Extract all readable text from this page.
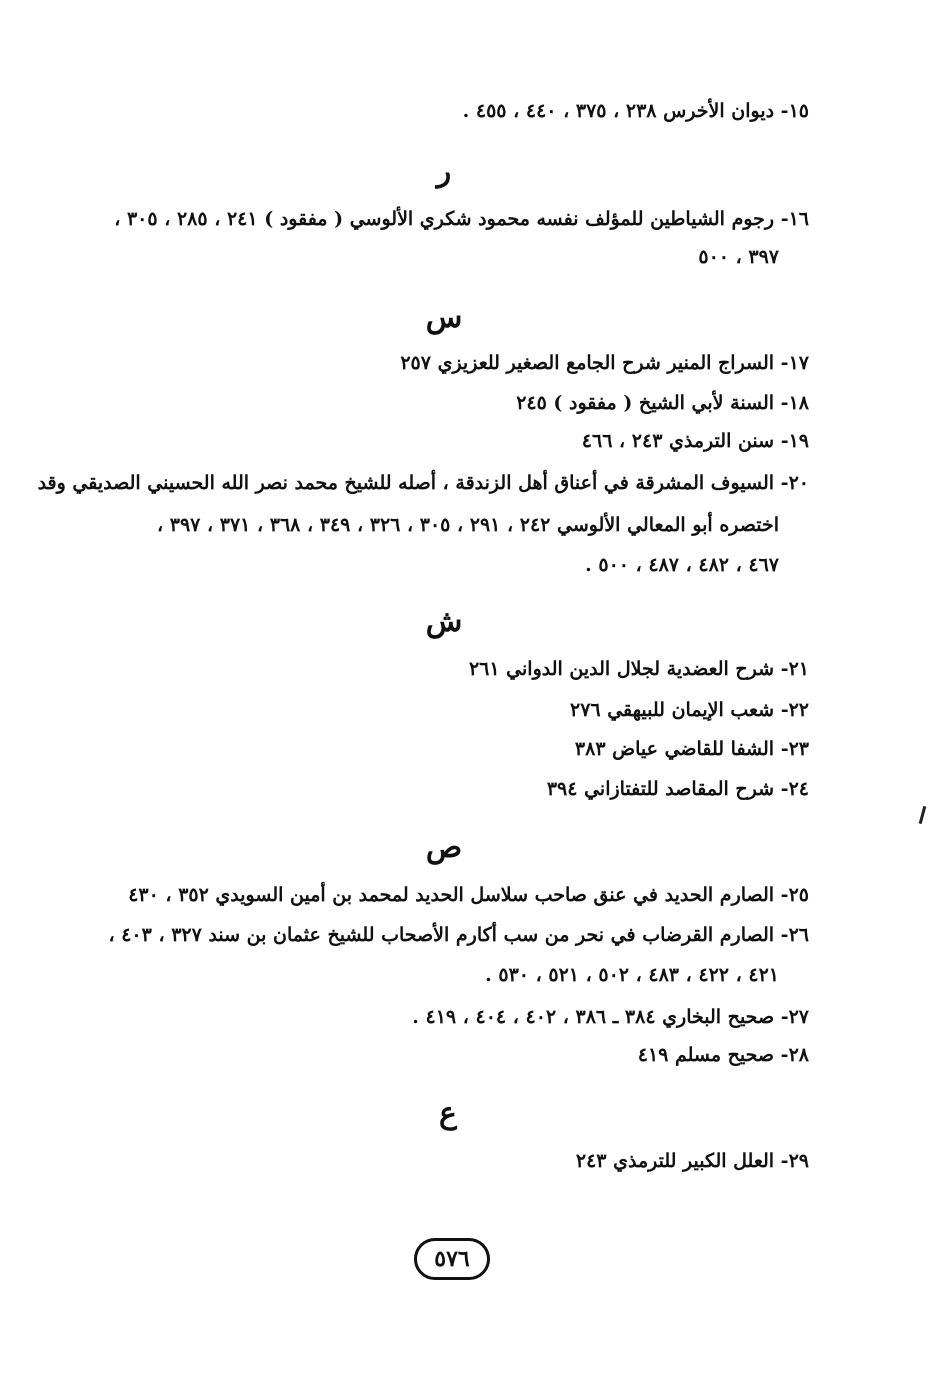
١٥- ديوان الأخرس ٢٣٨ ، ٣٧٥ ، ٤٤٠ ، ٤٥٥ .
ر
١٦- رجوم الشياطين للمؤلف نفسه محمود شكري الألوسي ( مفقود ) ٢٤١ ، ٢٨٥ ، ٣٠٥ ،
٣٩٧ ، ٥٠٠
س
١٧- السراج المنير شرح الجامع الصغير للعزيزي ٢٥٧
١٨- السنة لأبي الشيخ ( مفقود ) ٢٤٥
١٩- سنن الترمذي ٢٤٣ ، ٤٦٦
٢٠- السيوف المشرقة في أعناق أهل الزندقة ، أصله للشيخ محمد نصر الله الحسيني الصديقي وقد
اختصره أبو المعالي الألوسي ٢٤٢ ، ٢٩١ ، ٣٠٥ ، ٣٢٦ ، ٣٤٩ ، ٣٦٨ ، ٣٧١ ، ٣٩٧ ،
٤٦٧ ، ٤٨٢ ، ٤٨٧ ، ٥٠٠ .
ش
٢١- شرح العضدية لجلال الدين الدواني ٢٦١
٢٢- شعب الإيمان للبيهقي ٢٧٦
٢٣- الشفا للقاضي عياض ٣٨٣
٢٤- شرح المقاصد للتفتازاني ٣٩٤
ص
٢٥- الصارم الحديد في عنق صاحب سلاسل الحديد لمحمد بن أمين السويدي ٣٥٢ ، ٤٣٠
٢٦- الصارم القرضاب في نحر من سب أكارم الأصحاب للشيخ عثمان بن سند ٣٢٧ ، ٤٠٣ ،
٤٢١ ، ٤٢٢ ، ٤٨٣ ، ٥٠٢ ، ٥٢١ ، ٥٣٠ .
٢٧- صحيح البخاري ٣٨٤ ـ ٣٨٦ ، ٤٠٢ ، ٤٠٤ ، ٤١٩ .
٢٨- صحيح مسلم ٤١٩
ع
٢٩- العلل الكبير للترمذي ٢٤٣
٥٧٦
